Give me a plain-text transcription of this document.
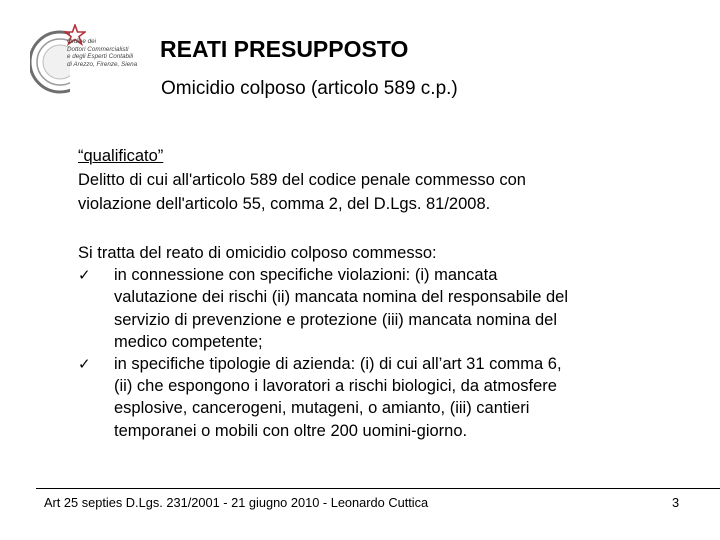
Ordine dei
Dottori Commercialisti
e degli Esperti Contabili
di Arezzo, Firenze, Siena
REATI PRESUPPOSTO
Omicidio colposo (articolo 589 c.p.)
“qualificato”
Delitto di cui all'articolo 589 del codice penale commesso con
violazione dell'articolo 55, comma 2, del D.Lgs. 81/2008.
Si tratta del reato di omicidio colposo commesso:
✓	in connessione con specifiche violazioni: (i) mancata
valutazione dei rischi (ii) mancata nomina del responsabile del
servizio di prevenzione e protezione (iii) mancata nomina del
medico competente;
✓	in specifiche tipologie di azienda: (i) di cui all’art 31 comma 6,
(ii) che espongono i lavoratori a rischi biologici, da atmosfere
esplosive, cancerogeni, mutageni, o amianto, (iii) cantieri
temporanei o mobili con oltre 200 uomini-giorno.
Art 25 septies D.Lgs. 231/2001 - 21 giugno 2010 - Leonardo Cuttica	3
